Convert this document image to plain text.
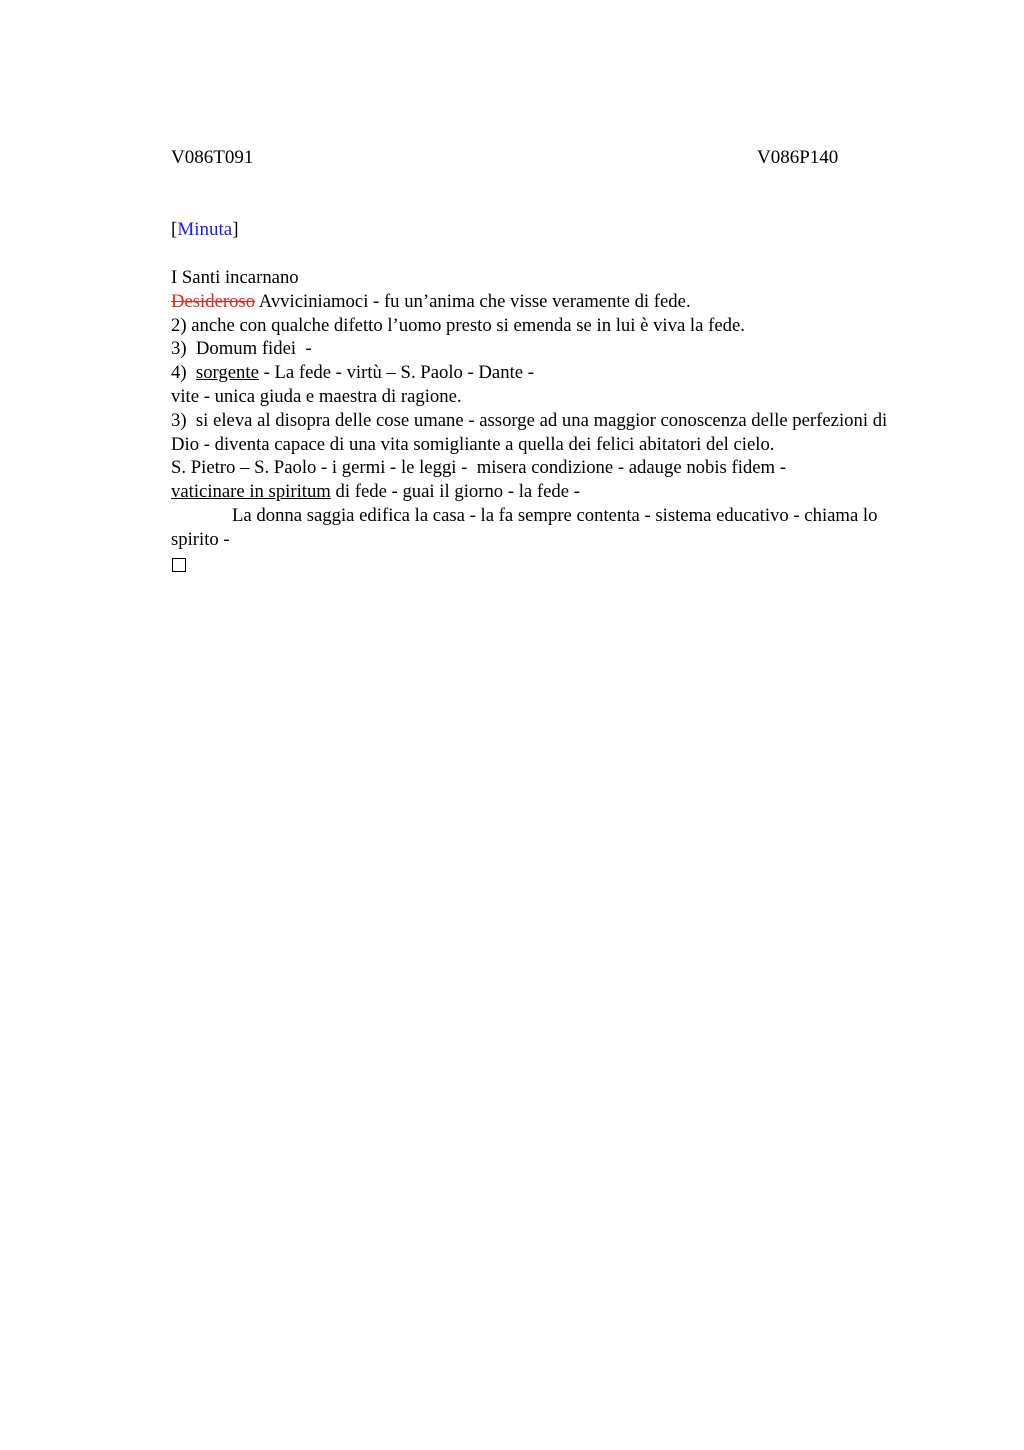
V086T091	V086P140
[Minuta]

I Santi incarnano

Desideroso Avviciniamoci - fu un’anima che visse veramente di fede.

2) anche con qualche difetto l’uomo presto si emenda se in lui è viva la fede.

3)  Domum fidei  -

4)  sorgente - La fede - virtù – S. Paolo - Dante -

vite - unica giuda e maestra di ragione.

3)  si eleva al disopra delle cose umane - assorge ad una maggior conoscenza delle perfezioni di Dio - diventa capace di una vita somigliante a quella dei felici abitatori del cielo.

S. Pietro – S. Paolo - i germi - le leggi -  misera condizione - adauge nobis fidem -

vaticinare in spiritum di fede - guai il giorno - la fede -

La donna saggia edifica la casa - la fa sempre contenta - sistema educativo - chiama lo spirito -
